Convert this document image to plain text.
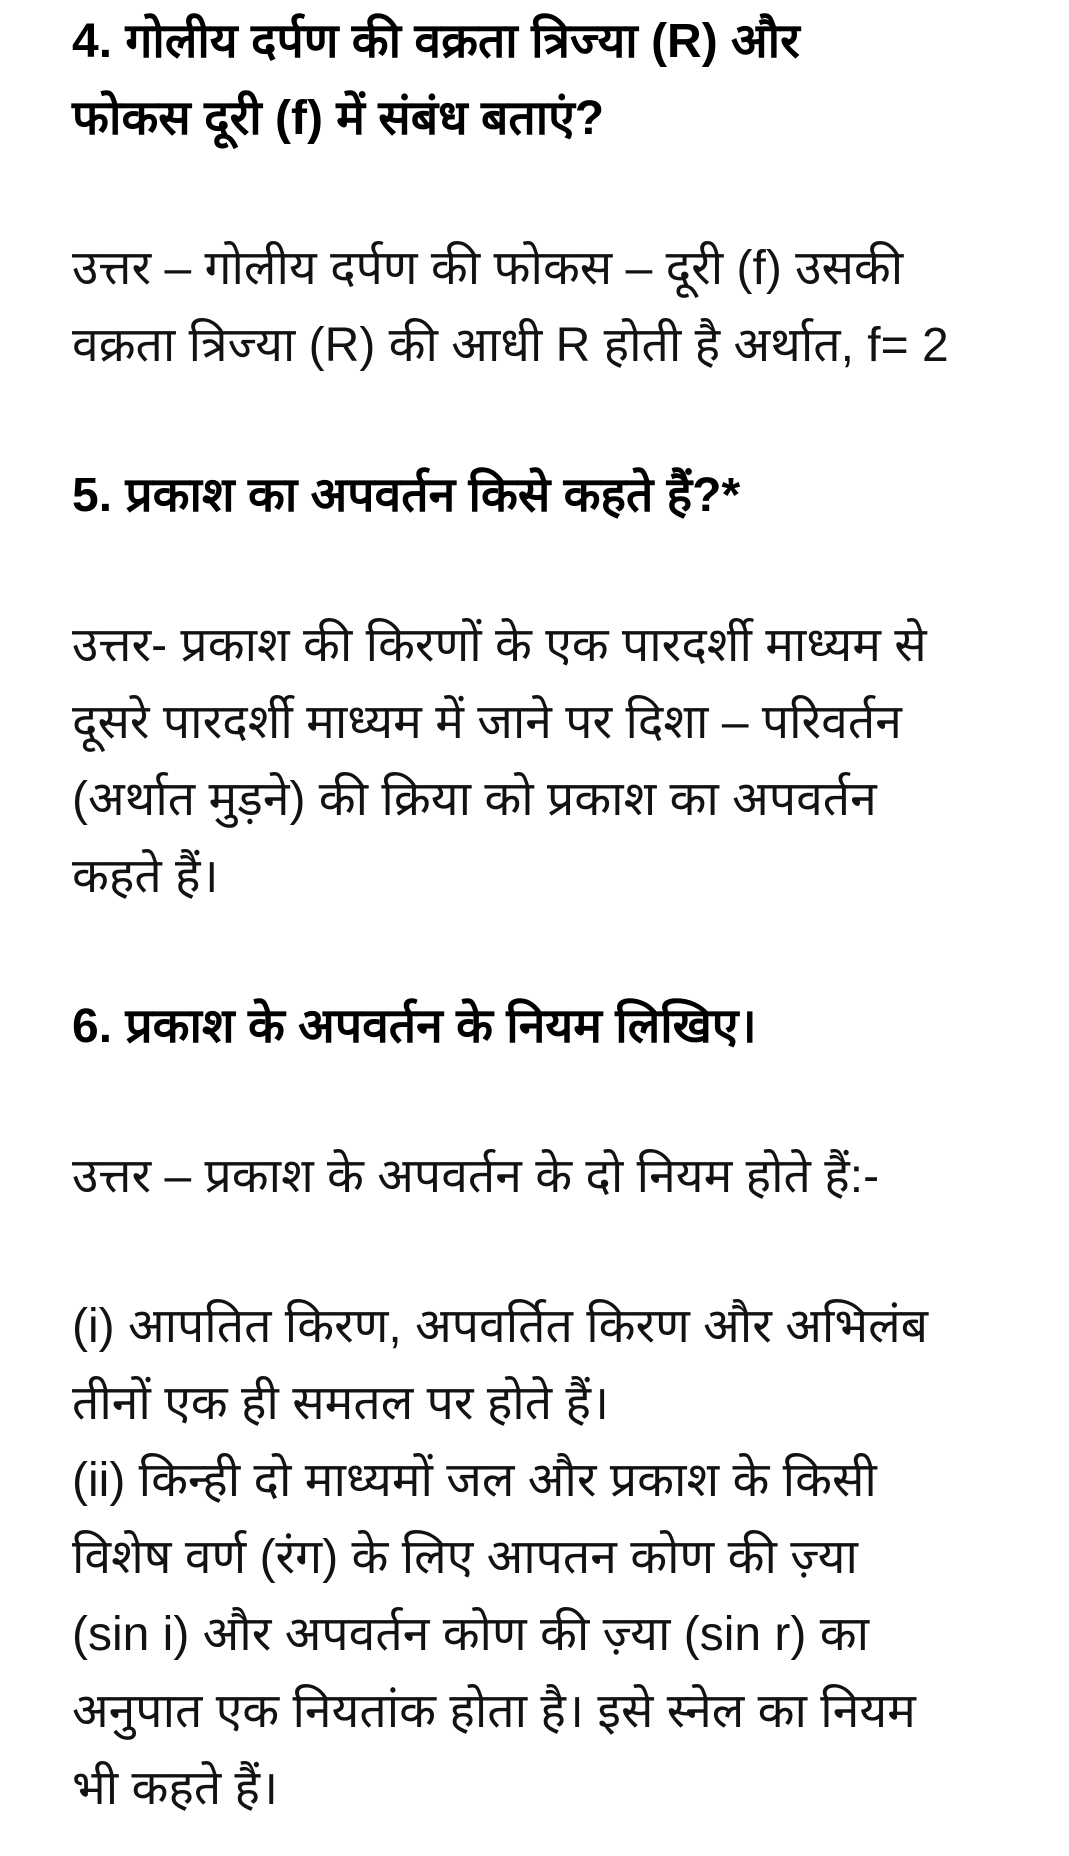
4. गोलीय दर्पण की वक्रता त्रिज्या (R) और
फोकस दूरी (f) में संबंध बताएं?
उत्तर – गोलीय दर्पण की फोकस – दूरी (f) उसकी
वक्रता त्रिज्या (R) की आधी R होती है अर्थात, f= 2
5. प्रकाश का अपवर्तन किसे कहते हैं?*
उत्तर- प्रकाश की किरणों के एक पारदर्शी माध्यम से
दूसरे पारदर्शी माध्यम में जाने पर दिशा – परिवर्तन
(अर्थात मुड़ने) की क्रिया को प्रकाश का अपवर्तन
कहते हैं।
6. प्रकाश के अपवर्तन के नियम लिखिए।
उत्तर – प्रकाश के अपवर्तन के दो नियम होते हैं:-
(i) आपतित किरण, अपवर्तित किरण और अभिलंब
तीनों एक ही समतल पर होते हैं।
(ii) किन्ही दो माध्यमों जल और प्रकाश के किसी
विशेष वर्ण (रंग) के लिए आपतन कोण की ज़्या
(sin i) और अपवर्तन कोण की ज़्या (sin r) का
अनुपात एक नियतांक होता है। इसे स्नेल का नियम
भी कहते हैं।
